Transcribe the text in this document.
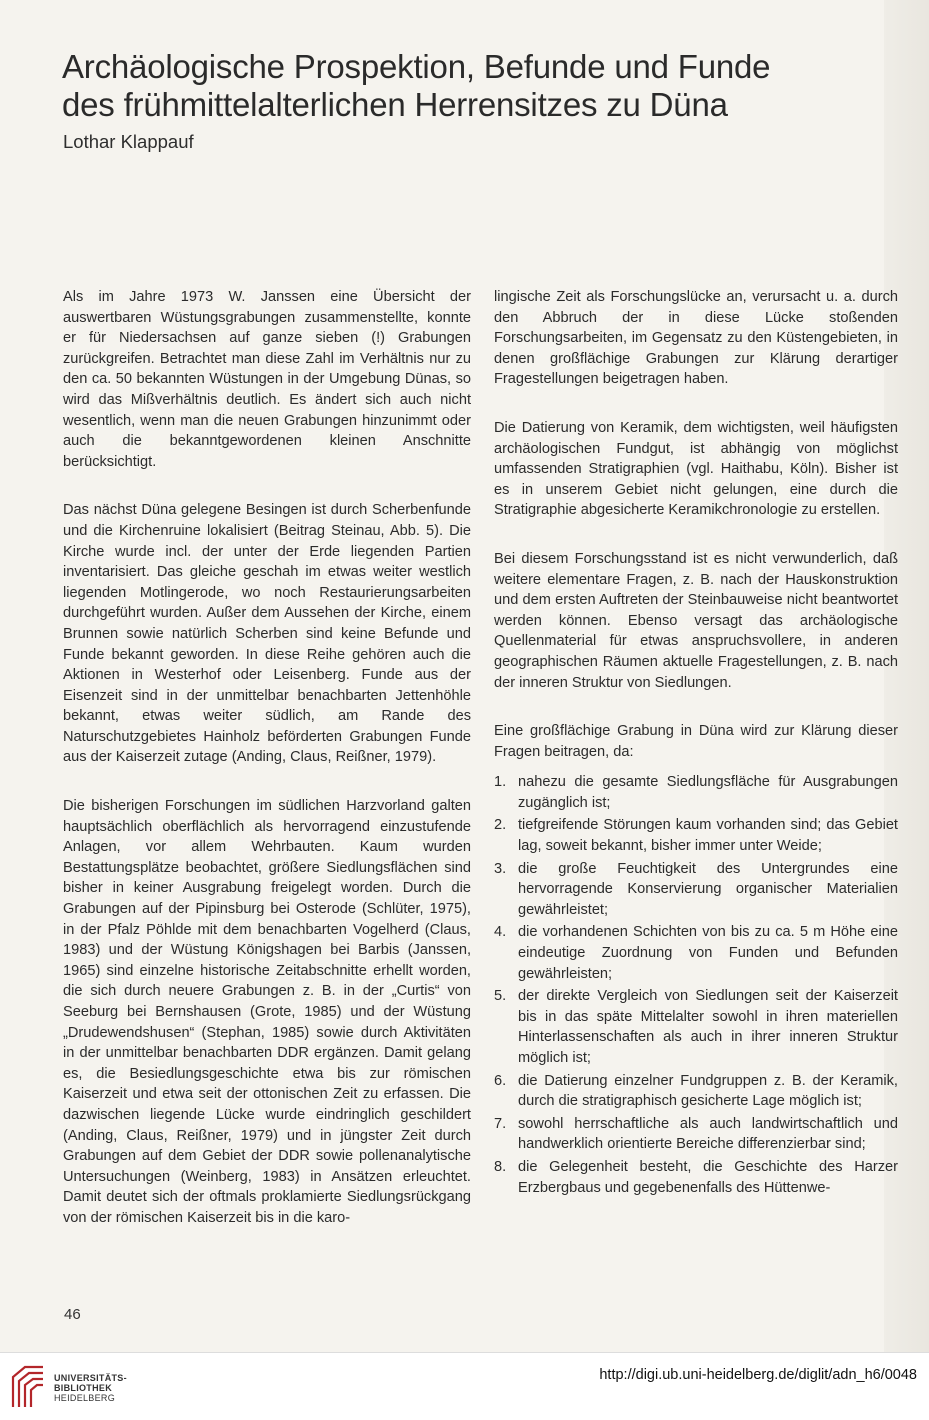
Archäologische Prospektion, Befunde und Funde
des frühmittelalterlichen Herrensitzes zu Düna
Lothar Klappauf

Als im Jahre 1973 W. Janssen eine Übersicht der auswertbaren Wüstungsgrabungen zusammenstellte, konnte er für Niedersachsen auf ganze sieben (!) Grabungen zurückgreifen. Betrachtet man diese Zahl im Verhältnis nur zu den ca. 50 bekannten Wüstungen in der Umgebung Dünas, so wird das Mißverhältnis deutlich. Es ändert sich auch nicht wesentlich, wenn man die neuen Grabungen hinzunimmt oder auch die bekanntgewordenen kleinen Anschnitte berücksichtigt.

Das nächst Düna gelegene Besingen ist durch Scherbenfunde und die Kirchenruine lokalisiert (Beitrag Steinau, Abb. 5). Die Kirche wurde incl. der unter der Erde liegenden Partien inventarisiert. Das gleiche geschah im etwas weiter westlich liegenden Motlingerode, wo noch Restaurierungsarbeiten durchgeführt wurden. Außer dem Aussehen der Kirche, einem Brunnen sowie natürlich Scherben sind keine Befunde und Funde bekannt geworden. In diese Reihe gehören auch die Aktionen in Westerhof oder Leisenberg. Funde aus der Eisenzeit sind in der unmittelbar benachbarten Jettenhöhle bekannt, etwas weiter südlich, am Rande des Naturschutzgebietes Hainholz beförderten Grabungen Funde aus der Kaiserzeit zutage (Anding, Claus, Reißner, 1979).

Die bisherigen Forschungen im südlichen Harzvorland galten hauptsächlich oberflächlich als hervorragend einzustufende Anlagen, vor allem Wehrbauten. Kaum wurden Bestattungsplätze beobachtet, größere Siedlungsflächen sind bisher in keiner Ausgrabung freigelegt worden. Durch die Grabungen auf der Pipinsburg bei Osterode (Schlüter, 1975), in der Pfalz Pöhlde mit dem benachbarten Vogelherd (Claus, 1983) und der Wüstung Königshagen bei Barbis (Janssen, 1965) sind einzelne historische Zeitabschnitte erhellt worden, die sich durch neuere Grabungen z. B. in der „Curtis“ von Seeburg bei Bernshausen (Grote, 1985) und der Wüstung „Drudewendshusen“ (Stephan, 1985) sowie durch Aktivitäten in der unmittelbar benachbarten DDR ergänzen. Damit gelang es, die Besiedlungsgeschichte etwa bis zur römischen Kaiserzeit und etwa seit der ottonischen Zeit zu erfassen. Die dazwischen liegende Lücke wurde eindringlich geschildert (Anding, Claus, Reißner, 1979) und in jüngster Zeit durch Grabungen auf dem Gebiet der DDR sowie pollenanalytische Untersuchungen (Weinberg, 1983) in Ansätzen erleuchtet. Damit deutet sich der oftmals proklamierte Siedlungsrückgang von der römischen Kaiserzeit bis in die karo-

lingische Zeit als Forschungslücke an, verursacht u. a. durch den Abbruch der in diese Lücke stoßenden Forschungsarbeiten, im Gegensatz zu den Küstengebieten, in denen großflächige Grabungen zur Klärung derartiger Fragestellungen beigetragen haben.

Die Datierung von Keramik, dem wichtigsten, weil häufigsten archäologischen Fundgut, ist abhängig von möglichst umfassenden Stratigraphien (vgl. Haithabu, Köln). Bisher ist es in unserem Gebiet nicht gelungen, eine durch die Stratigraphie abgesicherte Keramikchronologie zu erstellen.

Bei diesem Forschungsstand ist es nicht verwunderlich, daß weitere elementare Fragen, z. B. nach der Hauskonstruktion und dem ersten Auftreten der Steinbauweise nicht beantwortet werden können. Ebenso versagt das archäologische Quellenmaterial für etwas anspruchsvollere, in anderen geographischen Räumen aktuelle Fragestellungen, z. B. nach der inneren Struktur von Siedlungen.

Eine großflächige Grabung in Düna wird zur Klärung dieser Fragen beitragen, da:

1. nahezu die gesamte Siedlungsfläche für Ausgrabungen zugänglich ist;
2. tiefgreifende Störungen kaum vorhanden sind; das Gebiet lag, soweit bekannt, bisher immer unter Weide;
3. die große Feuchtigkeit des Untergrundes eine hervorragende Konservierung organischer Materialien gewährleistet;
4. die vorhandenen Schichten von bis zu ca. 5 m Höhe eine eindeutige Zuordnung von Funden und Befunden gewährleisten;
5. der direkte Vergleich von Siedlungen seit der Kaiserzeit bis in das späte Mittelalter sowohl in ihren materiellen Hinterlassenschaften als auch in ihrer inneren Struktur möglich ist;
6. die Datierung einzelner Fundgruppen z. B. der Keramik, durch die stratigraphisch gesicherte Lage möglich ist;
7. sowohl herrschaftliche als auch landwirtschaftlich und handwerklich orientierte Bereiche differenzierbar sind;
8. die Gelegenheit besteht, die Geschichte des Harzer Erzbergbaus und gegebenenfalls des Hüttenwe-
46
UNIVERSITÄTS-
BIBLIOTHEK
HEIDELBERG
http://digi.ub.uni-heidelberg.de/diglit/adn_h6/0048
